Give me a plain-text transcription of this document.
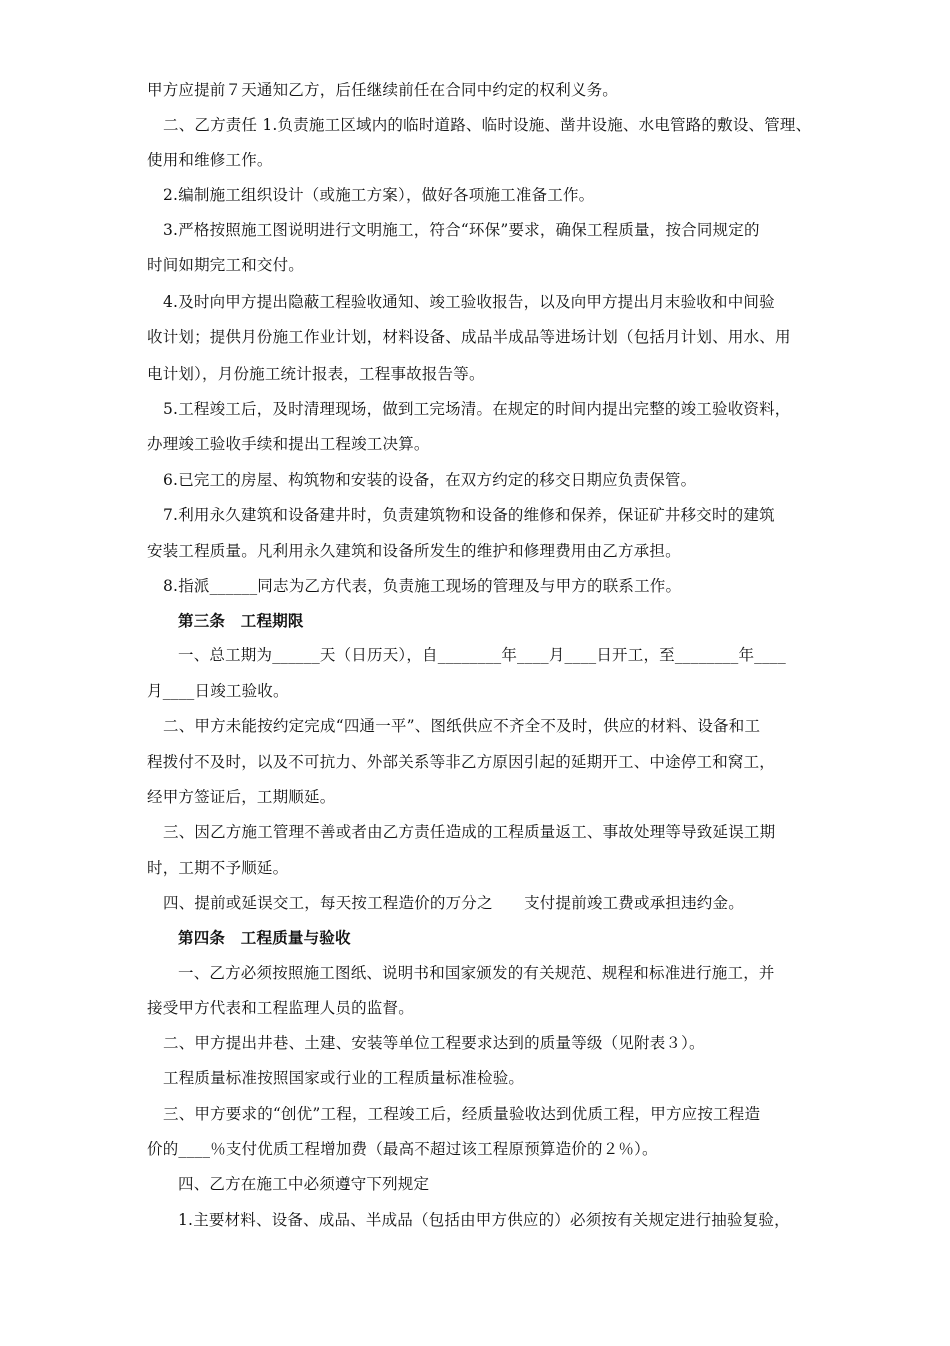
甲方应提前７天通知乙方，后任继续前任在合同中约定的权利义务。
二、乙方责任 1.负责施工区域内的临时道路、临时设施、凿井设施、水电管路的敷设、管理、
使用和维修工作。
2.编制施工组织设计（或施工方案），做好各项施工准备工作。
3.严格按照施工图说明进行文明施工，符合“环保”要求，确保工程质量，按合同规定的
时间如期完工和交付。
4.及时向甲方提出隐蔽工程验收通知、竣工验收报告，以及向甲方提出月末验收和中间验
收计划；提供月份施工作业计划，材料设备、成品半成品等进场计划（包括月计划、用水、用
电计划），月份施工统计报表，工程事故报告等。
5.工程竣工后，及时清理现场，做到工完场清。在规定的时间内提出完整的竣工验收资料，
办理竣工验收手续和提出工程竣工决算。
6.已完工的房屋、构筑物和安装的设备，在双方约定的移交日期应负责保管。
7.利用永久建筑和设备建井时，负责建筑物和设备的维修和保养，保证矿井移交时的建筑
安装工程质量。凡利用永久建筑和设备所发生的维护和修理费用由乙方承担。
8.指派______同志为乙方代表，负责施工现场的管理及与甲方的联系工作。
第三条　工程期限
一、总工期为______天（日历天），自________年____月____日开工，至________年____
月____日竣工验收。
二、甲方未能按约定完成“四通一平”、图纸供应不齐全不及时，供应的材料、设备和工
程拨付不及时，以及不可抗力、外部关系等非乙方原因引起的延期开工、中途停工和窝工，
经甲方签证后，工期顺延。
三、因乙方施工管理不善或者由乙方责任造成的工程质量返工、事故处理等导致延误工期
时，工期不予顺延。
四、提前或延误交工，每天按工程造价的万分之　　支付提前竣工费或承担违约金。
第四条　工程质量与验收
一、乙方必须按照施工图纸、说明书和国家颁发的有关规范、规程和标准进行施工，并
接受甲方代表和工程监理人员的监督。
二、甲方提出井巷、土建、安装等单位工程要求达到的质量等级（见附表３）。
工程质量标准按照国家或行业的工程质量标准检验。
三、甲方要求的“创优”工程，工程竣工后，经质量验收达到优质工程，甲方应按工程造
价的____％支付优质工程增加费（最高不超过该工程原预算造价的２％）。
四、乙方在施工中必须遵守下列规定
1.主要材料、设备、成品、半成品（包括由甲方供应的）必须按有关规定进行抽验复验，
